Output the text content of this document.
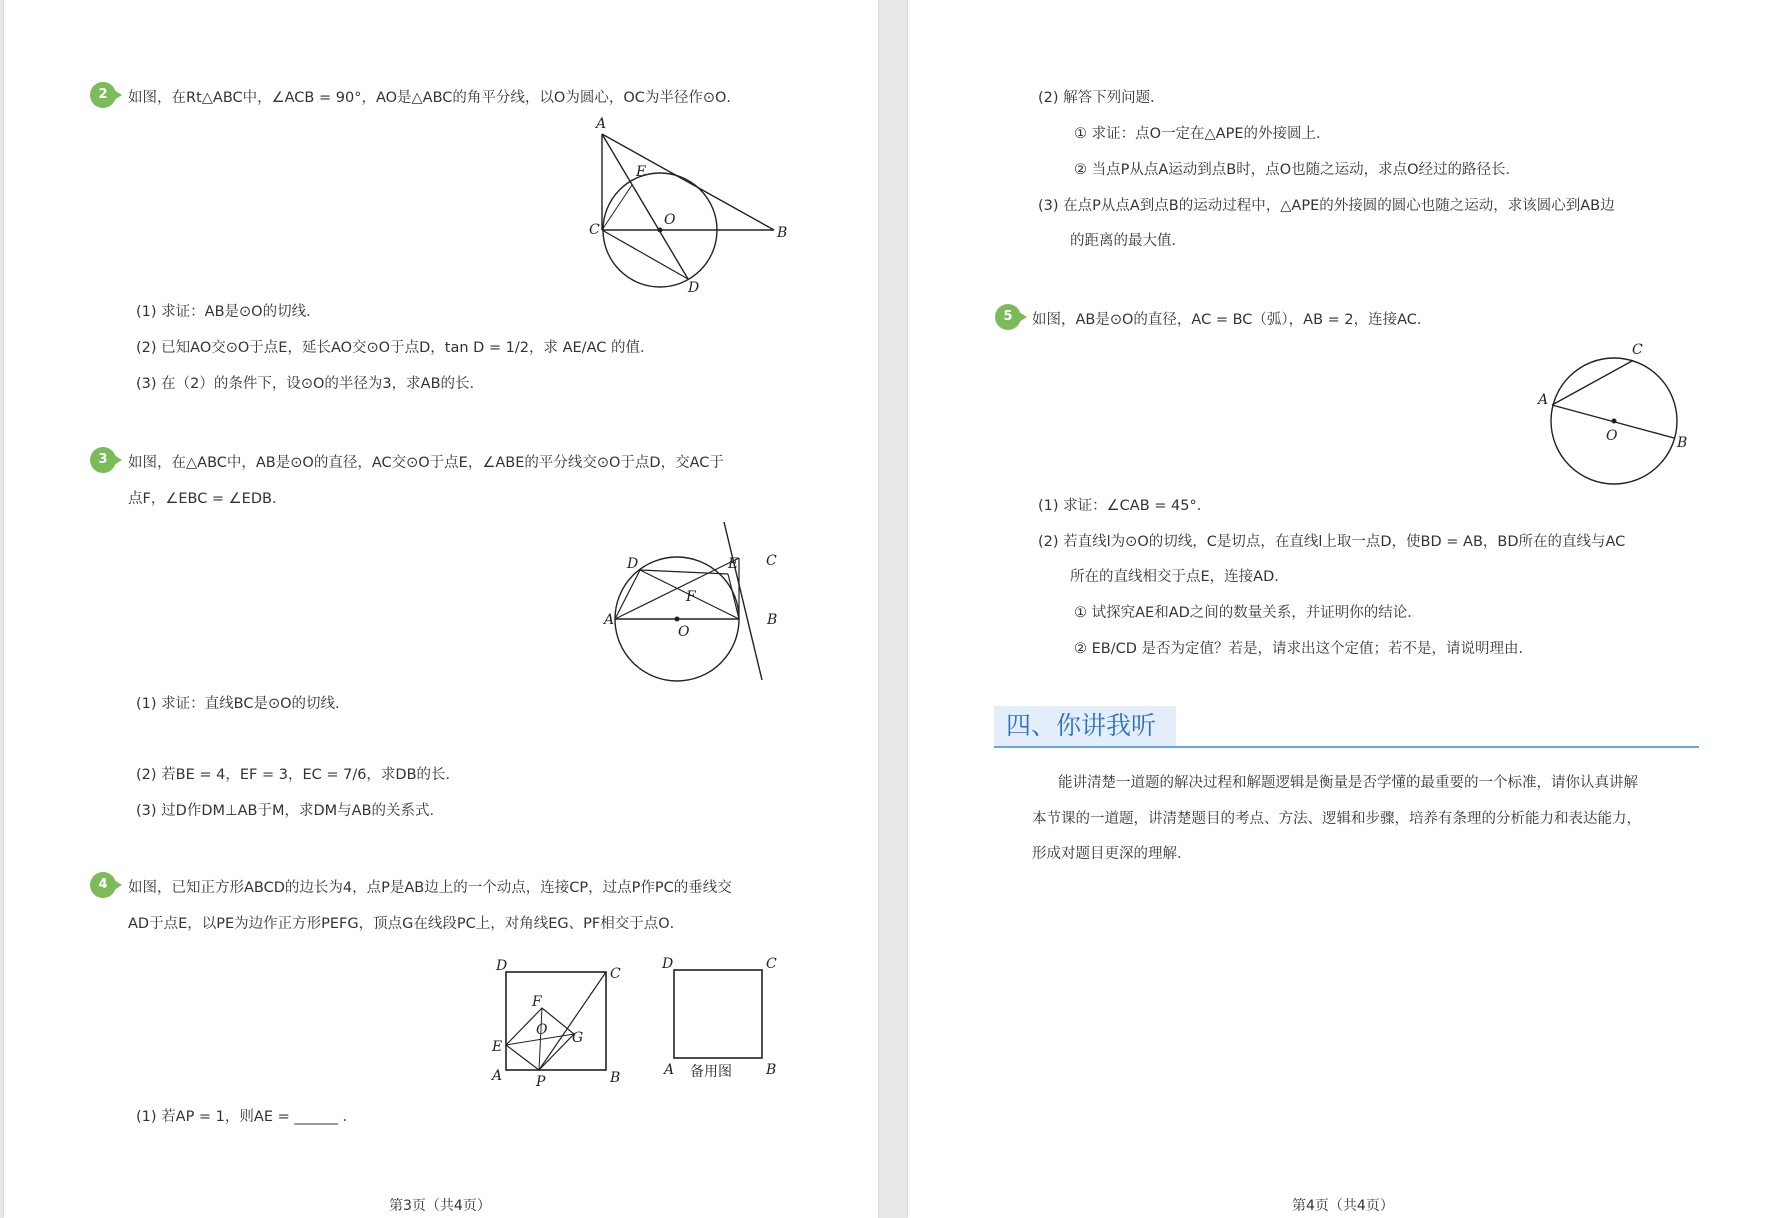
2	如图，在Rt△ABC中，∠ACB = 90°，AO是△ABC的角平分线，以O为圆心，OC为半径作⊙O．
A
E
O
C	B
D
(1) 求证：AB是⊙O的切线．
(2) 已知AO交⊙O于点E，延长AO交⊙O于点D，tan D = 1/2，求 AE/AC 的值．
(3) 在（2）的条件下，设⊙O的半径为3，求AB的长．
3	如图，在△ABC中，AB是⊙O的直径，AC交⊙O于点E，∠ABE的平分线交⊙O于点D，交AC于
点F，∠EBC = ∠EDB．
D	E C
F
A
O
B
(1) 求证：直线BC是⊙O的切线．
(2) 若BE = 4，EF = 3，EC = 7/6，求DB的长．
(3) 过D作DM⊥AB于M，求DM与AB的关系式．
4	如图，已知正方形ABCD的边长为4，点P是AB边上的一个动点，连接CP，过点P作PC的垂线交
AD于点E，以PE为边作正方形PEFG，顶点G在线段PC上，对角线EG、PF相交于点O．
D	C
F
O G
E
A P	B
D	C
A	B
备用图
(1) 若AP = 1，则AE = ______ ．
第3页（共4页）
(2) 解答下列问题．
① 求证：点O一定在△APE的外接圆上．
② 当点P从点A运动到点B时，点O也随之运动，求点O经过的路径长．
(3) 在点P从点A到点B的运动过程中，△APE的外接圆的圆心也随之运动，求该圆心到AB边
的距离的最大值．
5	如图，AB是⊙O的直径，AC = BC（弧），AB = 2，连接AC．
C
A
O	B
(1) 求证：∠CAB = 45°．
(2) 若直线l为⊙O的切线，C是切点，在直线l上取一点D，使BD = AB，BD所在的直线与AC
所在的直线相交于点E，连接AD．
① 试探究AE和AD之间的数量关系，并证明你的结论．
② EB/CD 是否为定值？若是，请求出这个定值；若不是，请说明理由．
四、你讲我听
能讲清楚一道题的解决过程和解题逻辑是衡量是否学懂的最重要的一个标准，请你认真讲解
本节课的一道题，讲清楚题目的考点、方法、逻辑和步骤，培养有条理的分析能力和表达能力，
形成对题目更深的理解．
第4页（共4页）
